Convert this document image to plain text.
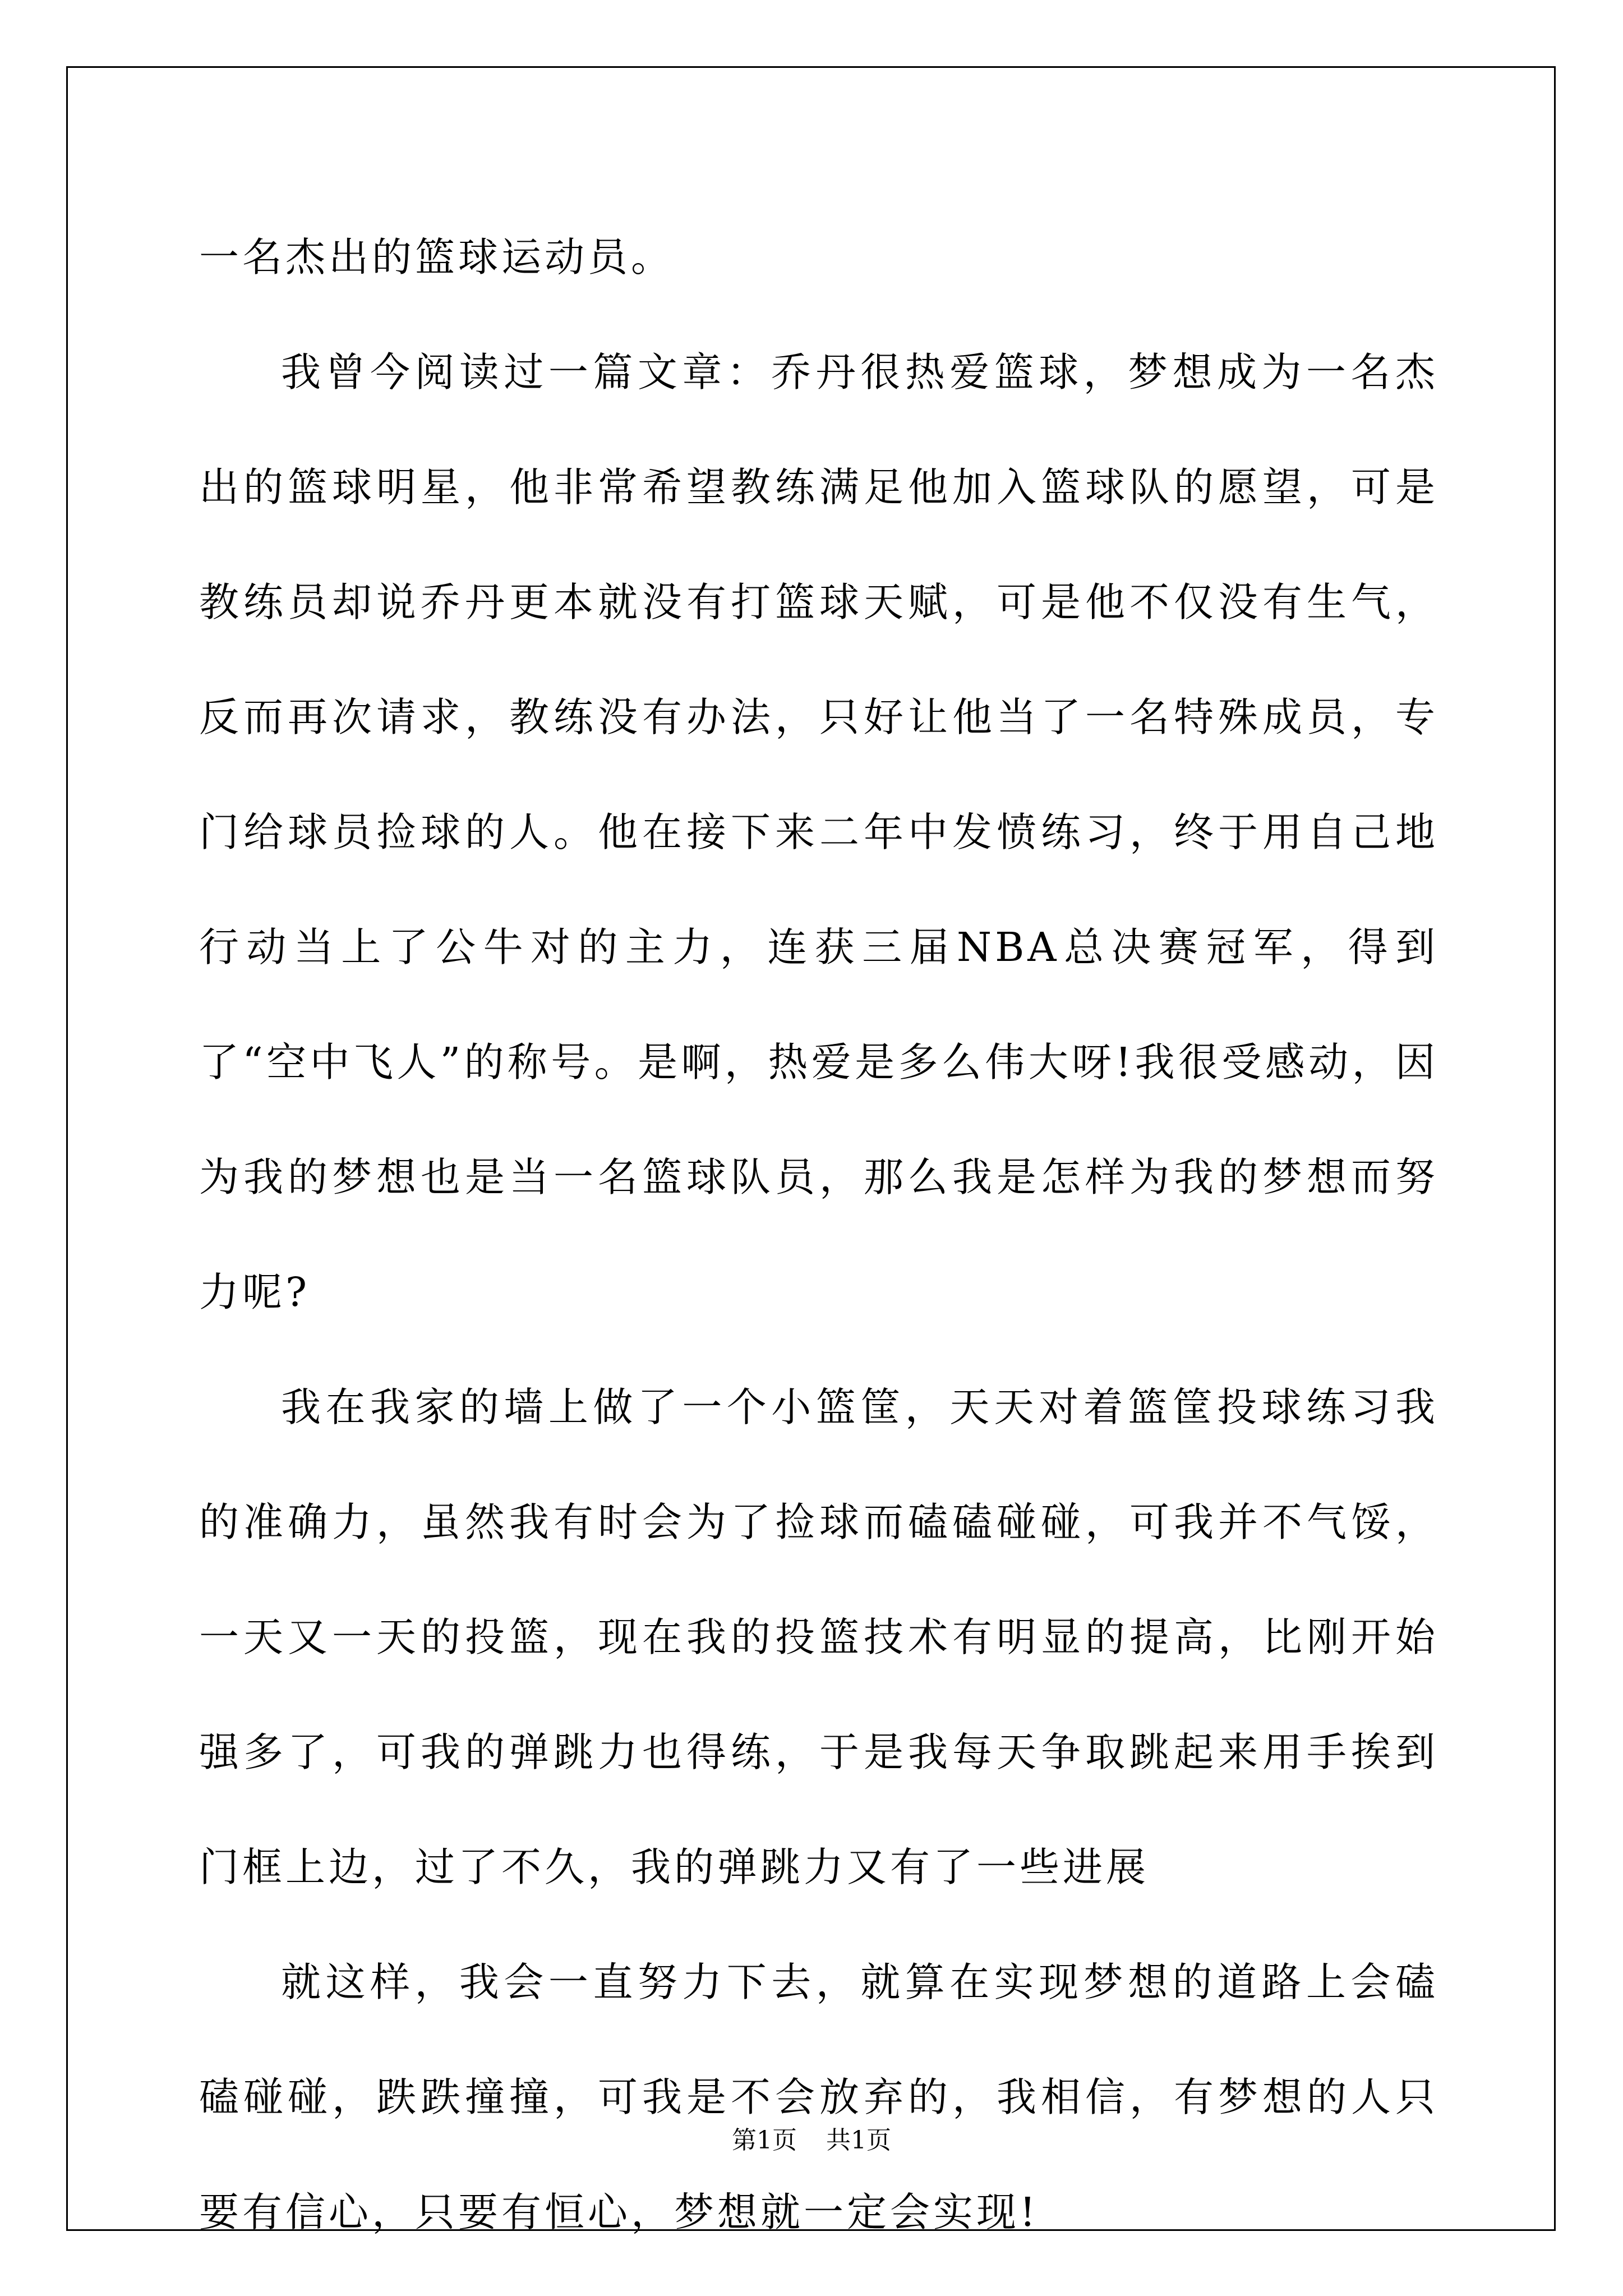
一名杰出的篮球运动员。

我曾今阅读过一篇文章：乔丹很热爱篮球，梦想成为一名杰出的篮球明星，他非常希望教练满足他加入篮球队的愿望，可是教练员却说乔丹更本就没有打篮球天赋，可是他不仅没有生气，反而再次请求，教练没有办法，只好让他当了一名特殊成员，专门给球员捡球的人。他在接下来二年中发愤练习，终于用自己地行动当上了公牛对的主力，连获三届NBA总决赛冠军，得到了“空中飞人”的称号。是啊，热爱是多么伟大呀!我很受感动，因为我的梦想也是当一名篮球队员，那么我是怎样为我的梦想而努力呢?

我在我家的墙上做了一个小篮筐，天天对着篮筐投球练习我的准确力，虽然我有时会为了捡球而磕磕碰碰，可我并不气馁，一天又一天的投篮，现在我的投篮技术有明显的提高，比刚开始强多了，可我的弹跳力也得练，于是我每天争取跳起来用手挨到门框上边，过了不久，我的弹跳力又有了一些进展

就这样，我会一直努力下去，就算在实现梦想的道路上会磕磕碰碰，跌跌撞撞，可我是不会放弃的，我相信，有梦想的人只要有信心，只要有恒心，梦想就一定会实现!

第1页 共1页
